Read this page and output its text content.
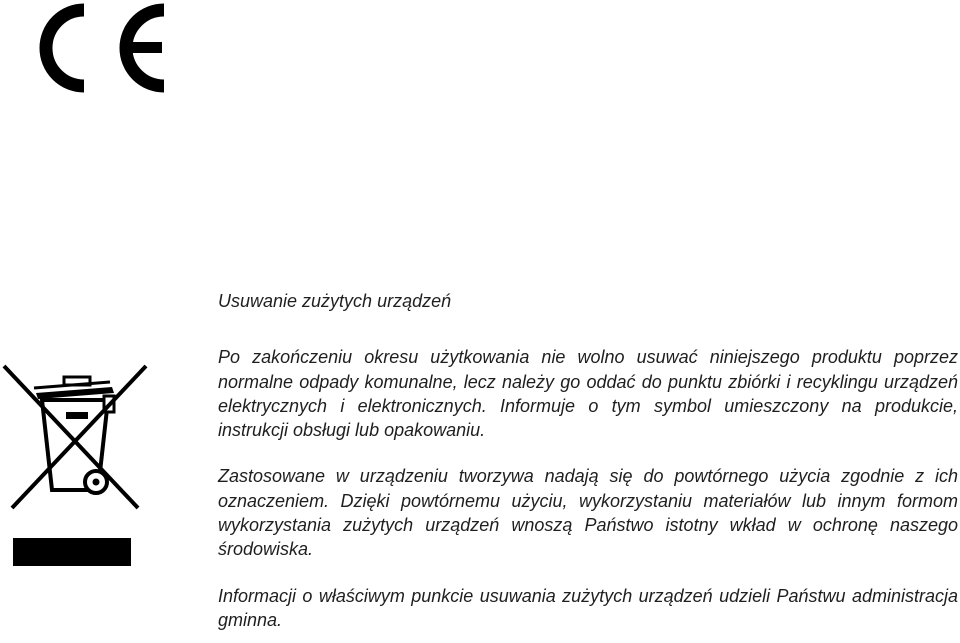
Usuwanie zużytych urządzeń

Po zakończeniu okresu użytkowania nie wolno usuwać niniejszego produktu poprzez normalne odpady komunalne, lecz należy go oddać do punktu zbiórki i recyklingu urządzeń elektrycznych i elektronicznych. Informuje o tym symbol umieszczony na produkcie, instrukcji obsługi lub opakowaniu.

Zastosowane w urządzeniu tworzywa nadają się do powtórnego użycia zgodnie z ich oznaczeniem. Dzięki powtórnemu użyciu, wykorzystaniu materiałów lub innym formom wykorzystania zużytych urządzeń wnoszą Państwo istotny wkład w ochronę naszego środowiska.

Informacji o właściwym punkcie usuwania zużytych urządzeń udzieli Państwu administracja gminna.
